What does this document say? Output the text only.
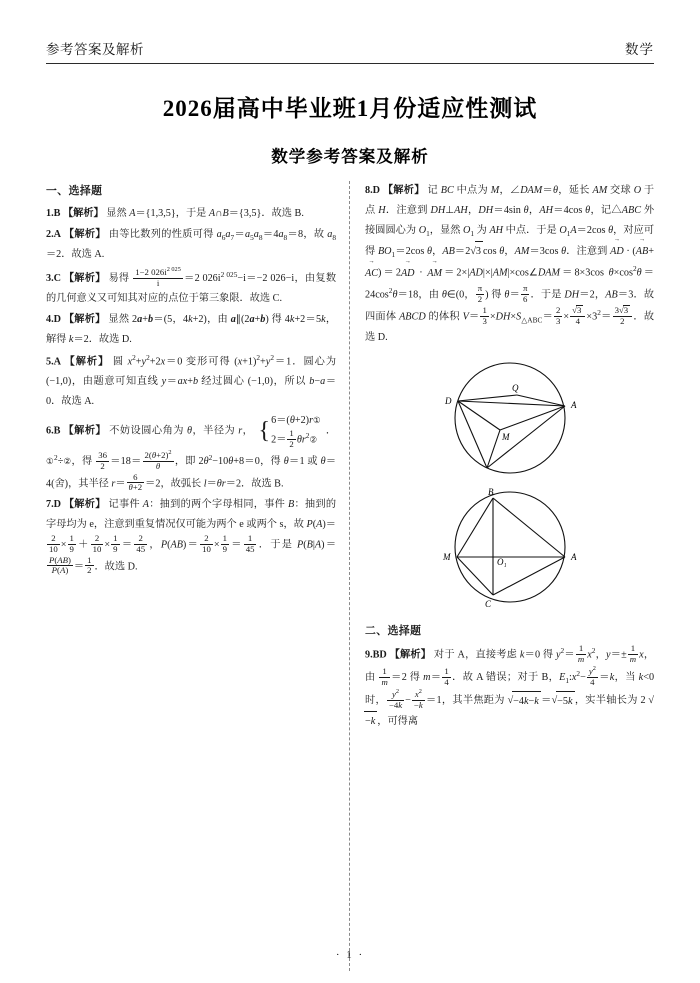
参考答案及解析	数学
2026届高中毕业班1月份适应性测试
数学参考答案及解析
一、选择题
1.B 【解析】 显然 A＝{1,3,5}，于是 A∩B＝{3,5}．故选 B.
2.A 【解析】 由等比数列的性质可得 $a_6a_7=a_5a_8=4a_8=8$，故 $a_8=2$．故选 A.
3.C 【解析】 易得 $\frac{1-2 026i^{2 025}}{i} =2$ $026i^{2 025}-i=-2$ 026−i，由复数的几何意义又可知其对应的点位于第三象限．故选 C.
4.D 【解析】 显然 2a+b＝(5，4k+2)，由 a∥(2a+b) 得 4k+2＝5k，解得 k＝2．故选 D.
5.A 【解析】 圆 $x^2+y^2+2x=0$ 变形可得 $(x+1)^2+y^2=1$．圆心为 (−1,0)，由题意可知直线 y＝ax+b 经过圆心 (−1,0)，所以 b−a＝0．故选 A.
6.B 【解析】 不妨设圆心角为 θ，半径为 r， { 6＝(θ+2)r①
$2= \frac{1}{2}$ $\theta r^2②$
．①$^2$÷②，得 $\frac{36}{2} =18= \frac{2(\theta+2)^2}{\theta}$ ，即 $2\theta^2-10\theta+8=0$，得 θ＝1 或 θ＝4(舍)，其半径 $r= \frac{6}{\theta+2} =2$，故弧长 l＝θr＝2．故选 B.
7.D 【解析】 记事件 A：抽到的两个字母相同，事件 B：抽到的字母均为 e，注意到重复情况仅可能为两个 e 或两个 s，故 P(A)＝
$\frac{2}{10} \times \frac{1}{9} + \frac{2}{10} \times \frac{1}{9} = \frac{2}{45}$ ，$P(AB)= \frac{2}{10} \times \frac{1}{9} = \frac{1}{45}$ ．于是 P(B|A)＝
$\frac{P(AB)}{P(A)} = \frac{1}{2}$ ．故选 D.
8.D 【解析】 记 BC 中点为 M，∠DAM＝θ，延长 AM 交球 O 于点 H．注意到 DH⊥AH，DH＝4sin θ，AH＝4cos θ，记△ABC 外接圆圆心为 $O_1$，显然 $O_1$ 为 AH 中点．于是 $O_1A=2\cos$ θ，对应可得 $BO_1=2\cos$ θ，AB＝2√3 cos θ，AM＝3cos θ．注意到 AD → · (AB →+AC →)＝2AD → · AM →＝2×|AD|×|AM|×cos∠DAM＝8×3cos $\theta\times\cos^2\theta=24\cos^2\theta=18$，由 θ∈(0， $\frac{\pi}{2}$ ) 得 $\theta= \frac{\pi}{6}$ ．于是 DH＝2，AB＝3．故四面体 ABCD 的体积 $V= \frac{1}{3} \times DH\times S_{\triangle ABC}= \frac{2}{3} \times \frac{√3}{4} \times 3^2= \frac{3√3}{2}$ ．故选 D.
D
Q
A
M
B
M	O₁	A
C
二、选择题
9.BD 【解析】 对于 A，直接考虑 k＝0 得 $y^2= \frac{1}{m} x^2$，$y=\pm \frac{1}{m}$ x，由 $\frac{1}{m} =2$ 得 $m= \frac{1}{4}$ ．故 A 错误；对于 B，$E_1:x^2- \frac{y^2}{4} =k$，当 k<0 时， $\frac{y^2}{-4k} - \frac{x^2}{-k} =1$，其半焦距为 √−4k−k ＝√−5k ，实半轴长为 2 √−k ，可得离
· 1 ·
